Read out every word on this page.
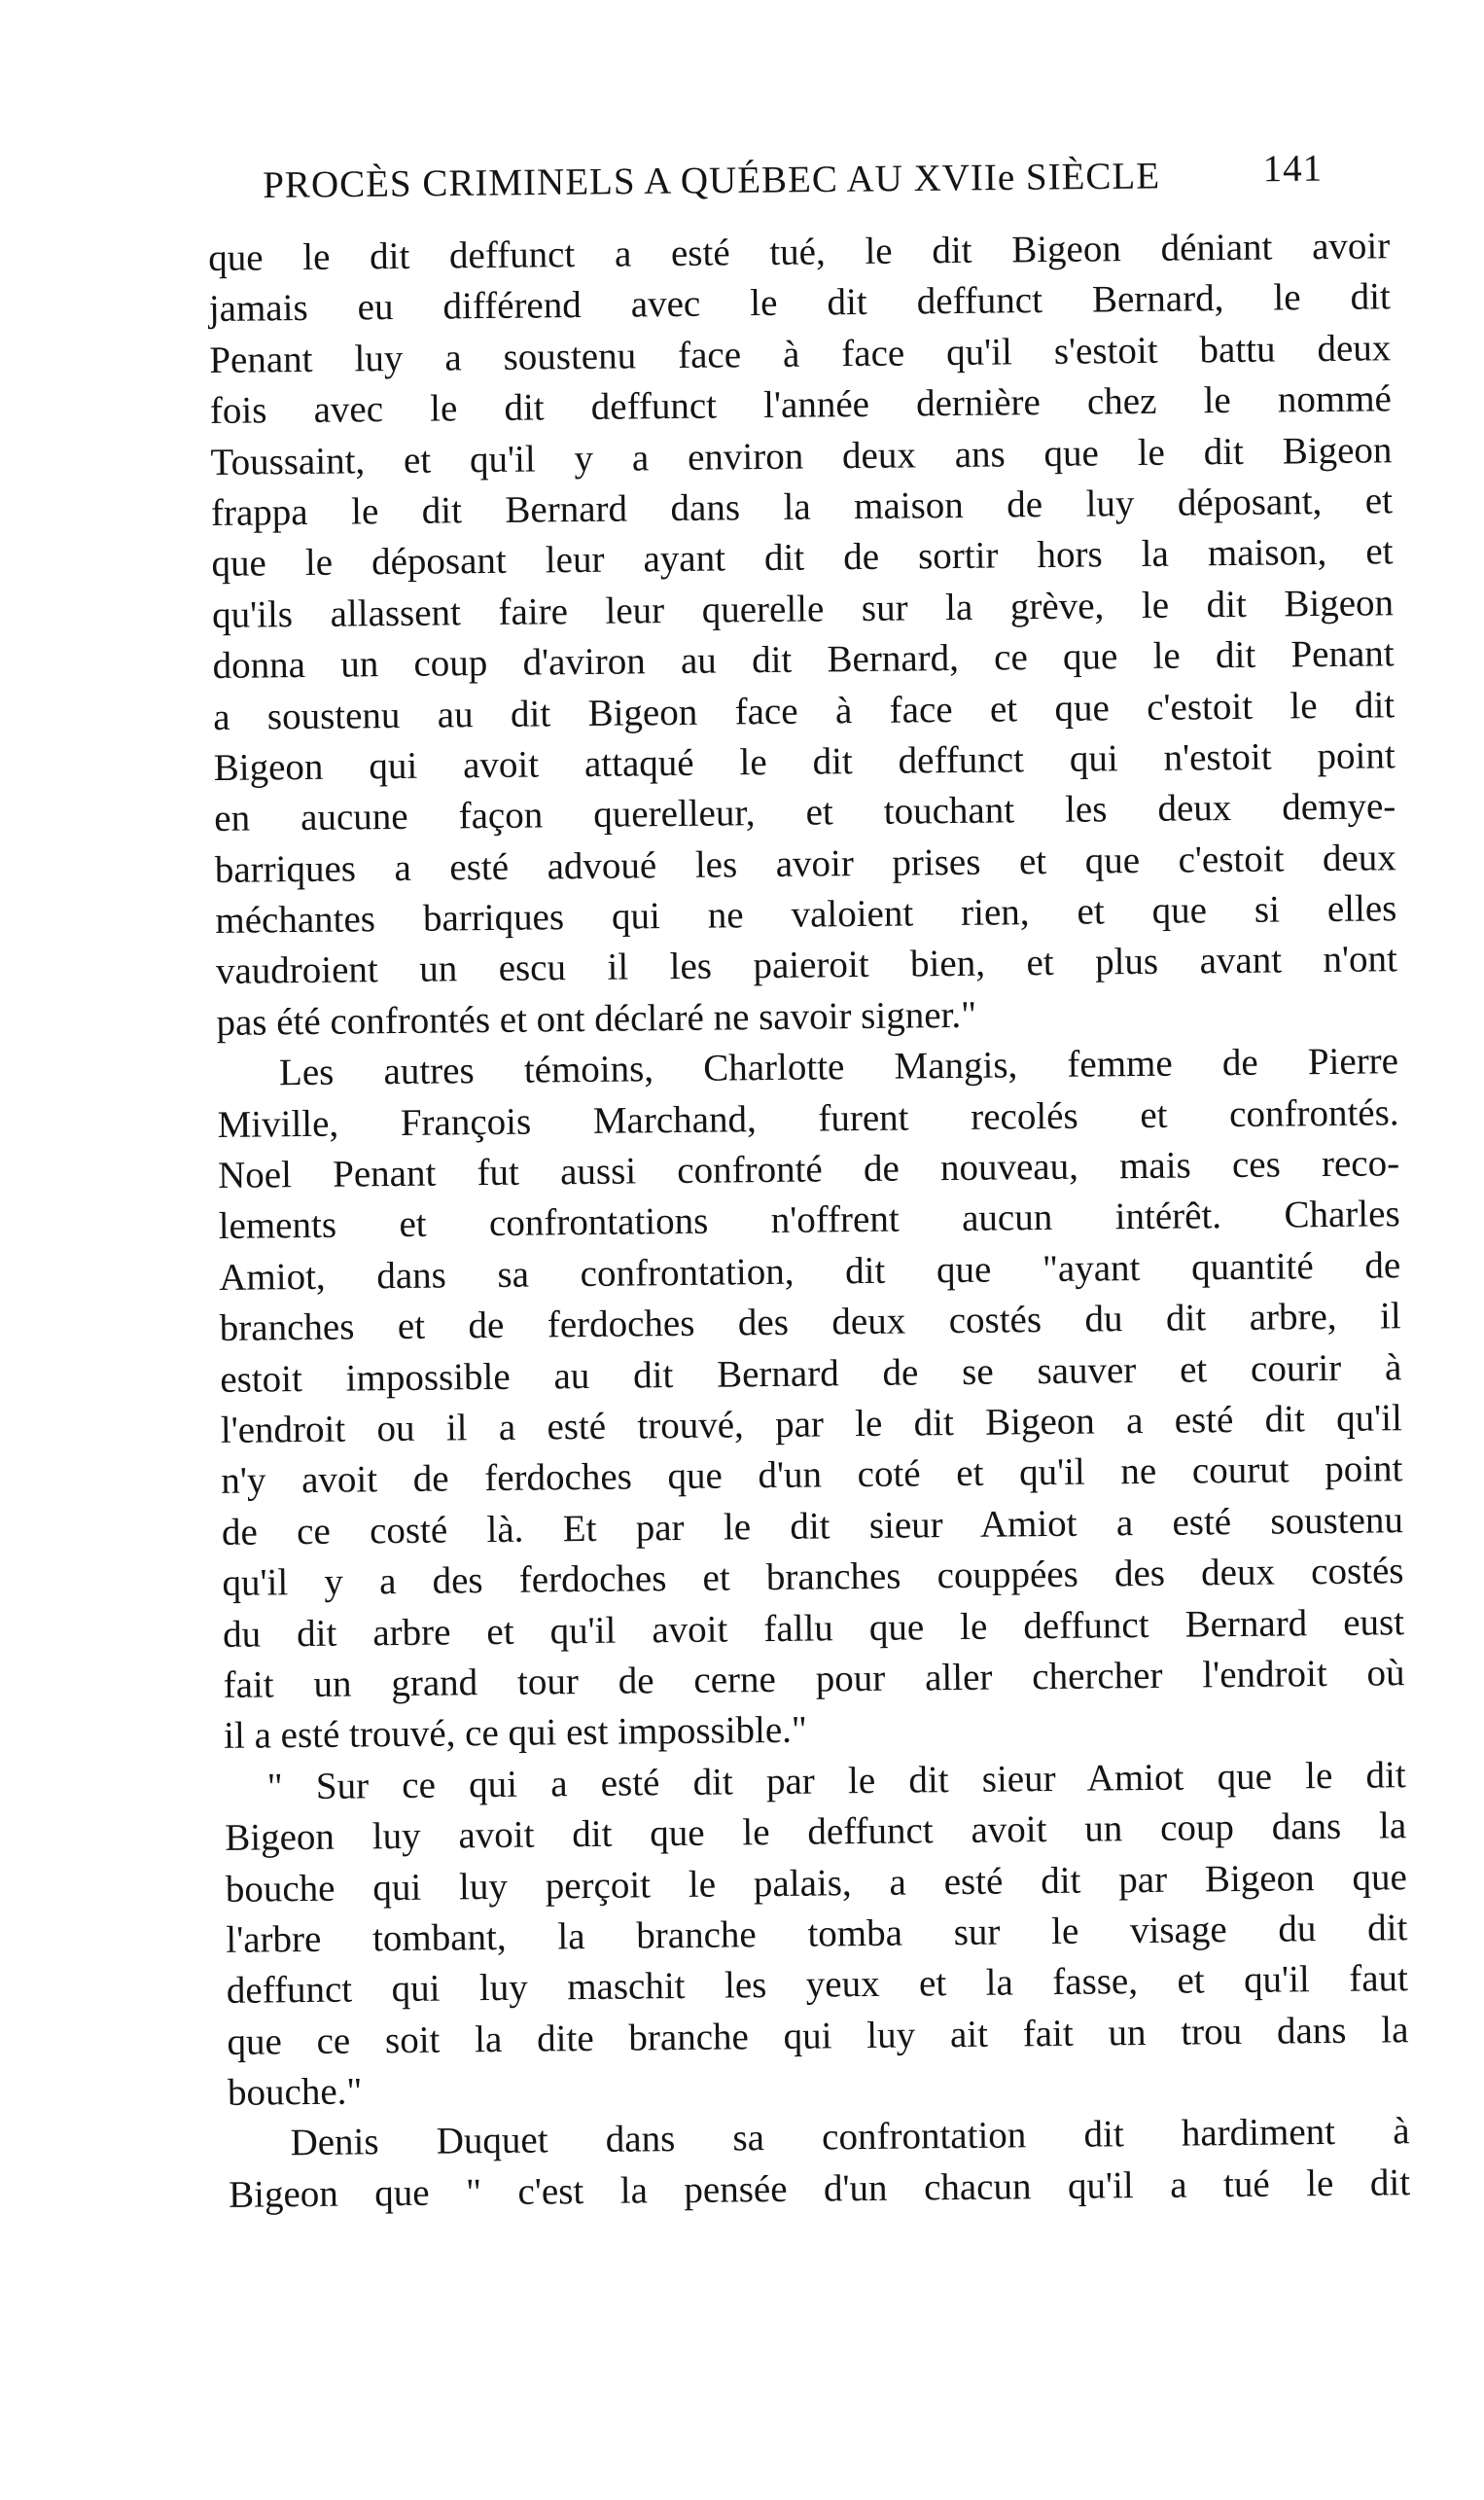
PROCÈS CRIMINELS A QUÉBEC AU XVIIe SIÈCLE	141
que le dit deffunct a esté tué, le dit Bigeon déniant avoir
jamais eu différend avec le dit deffunct Bernard, le dit
Penant luy a soustenu face à face qu'il s'estoit battu deux
fois avec le dit deffunct l'année dernière chez le nommé
Toussaint, et qu'il y a environ deux ans que le dit Bigeon
frappa le dit Bernard dans la maison de luy déposant, et
que le déposant leur ayant dit de sortir hors la maison, et
qu'ils allassent faire leur querelle sur la grève, le dit Bigeon
donna un coup d'aviron au dit Bernard, ce que le dit Penant
a soustenu au dit Bigeon face à face et que c'estoit le dit
Bigeon qui avoit attaqué le dit deffunct qui n'estoit point
en aucune façon querelleur, et touchant les deux demye-
barriques a esté advoué les avoir prises et que c'estoit deux
méchantes barriques qui ne valoient rien, et que si elles
vaudroient un escu il les paieroit bien, et plus avant n'ont
pas été confrontés et ont déclaré ne savoir signer."
Les autres témoins, Charlotte Mangis, femme de Pierre
Miville, François Marchand, furent recolés et confrontés.
Noel Penant fut aussi confronté de nouveau, mais ces reco-
lements et confrontations n'offrent aucun intérêt. Charles
Amiot, dans sa confrontation, dit que "ayant quantité de
branches et de ferdoches des deux costés du dit arbre, il
estoit impossible au dit Bernard de se sauver et courir à
l'endroit ou il a esté trouvé, par le dit Bigeon a esté dit qu'il
n'y avoit de ferdoches que d'un coté et qu'il ne courut point
de ce costé là. Et par le dit sieur Amiot a esté soustenu
qu'il y a des ferdoches et branches couppées des deux costés
du dit arbre et qu'il avoit fallu que le deffunct Bernard eust
fait un grand tour de cerne pour aller chercher l'endroit où
il a esté trouvé, ce qui est impossible."
" Sur ce qui a esté dit par le dit sieur Amiot que le dit
Bigeon luy avoit dit que le deffunct avoit un coup dans la
bouche qui luy perçoit le palais, a esté dit par Bigeon que
l'arbre tombant, la branche tomba sur le visage du dit
deffunct qui luy maschit les yeux et la fasse, et qu'il faut
que ce soit la dite branche qui luy ait fait un trou dans la
bouche."
Denis Duquet dans sa confrontation dit hardiment à
Bigeon que " c'est la pensée d'un chacun qu'il a tué le dit
